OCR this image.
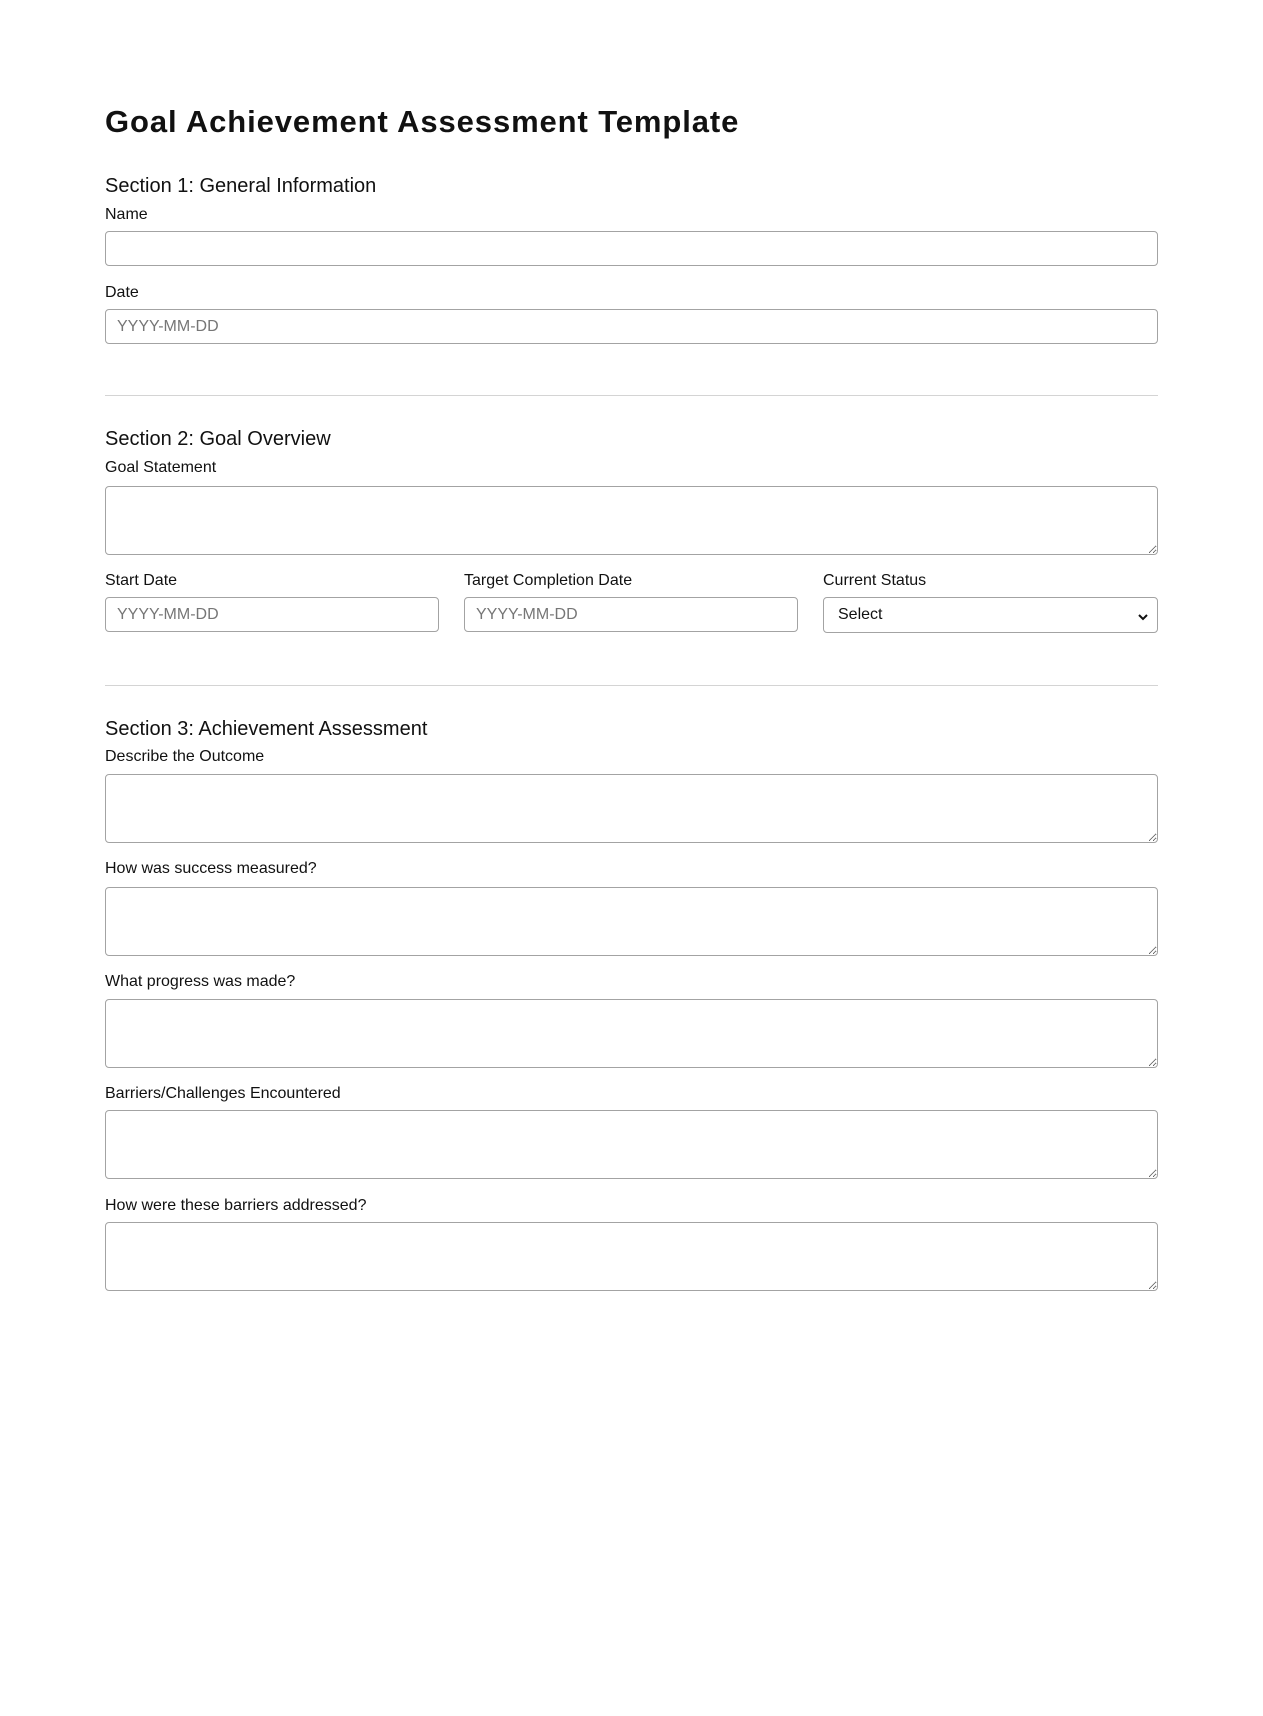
Goal Achievement Assessment Template
Section 1: General Information
Name
Date
YYYY-MM-DD
Section 2: Goal Overview
Goal Statement
Start Date
YYYY-MM-DD	Target Completion Date
YYYY-MM-DD	Current Status
Select
Section 3: Achievement Assessment
Describe the Outcome
How was success measured?
What progress was made?
Barriers/Challenges Encountered
How were these barriers addressed?
